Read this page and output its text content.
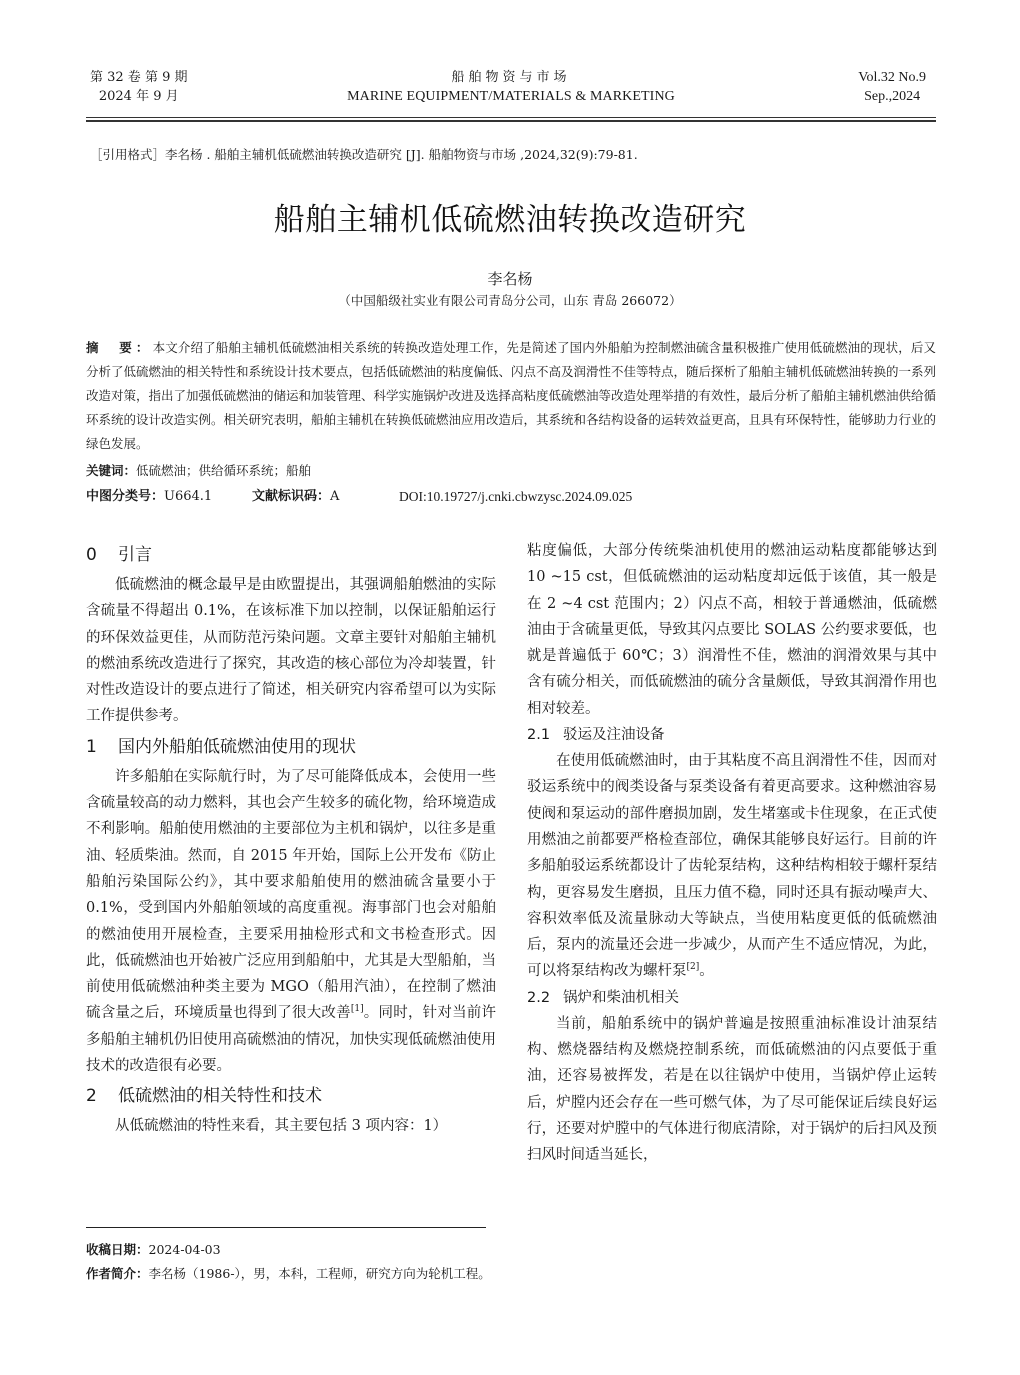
第 32 卷 第 9 期
2024 年 9 月
船舶物资与市场
MARINE EQUIPMENT/MATERIALS & MARKETING
Vol.32 No.9
Sep.,2024
［引用格式］李名杨 . 船舶主辅机低硫燃油转换改造研究 [J]. 船舶物资与市场 ,2024,32(9):79-81.
船舶主辅机低硫燃油转换改造研究
李名杨
（中国船级社实业有限公司青岛分公司，山东 青岛 266072）
摘　要：本文介绍了船舶主辅机低硫燃油相关系统的转换改造处理工作，先是简述了国内外船舶为控制燃油硫含量积极推广使用低硫燃油的现状，后又分析了低硫燃油的相关特性和系统设计技术要点，包括低硫燃油的粘度偏低、闪点不高及润滑性不佳等特点，随后探析了船舶主辅机低硫燃油转换的一系列改造对策，指出了加强低硫燃油的储运和加装管理、科学实施锅炉改进及选择高粘度低硫燃油等改造处理举措的有效性，最后分析了船舶主辅机燃油供给循环系统的设计改造实例。相关研究表明，船舶主辅机在转换低硫燃油应用改造后，其系统和各结构设备的运转效益更高，且具有环保特性，能够助力行业的绿色发展。
关键词：低硫燃油；供给循环系统；船舶
中图分类号：U664.1	文献标识码：A	DOI:10.19727/j.cnki.cbwzysc.2024.09.025
0 引言

低硫燃油的概念最早是由欧盟提出，其强调船舶燃油的实际含硫量不得超出 0.1%，在该标准下加以控制，以保证船舶运行的环保效益更佳，从而防范污染问题。文章主要针对船舶主辅机的燃油系统改造进行了探究，其改造的核心部位为冷却装置，针对性改造设计的要点进行了简述，相关研究内容希望可以为实际工作提供参考。

1 国内外船舶低硫燃油使用的现状

许多船舶在实际航行时，为了尽可能降低成本，会使用一些含硫量较高的动力燃料，其也会产生较多的硫化物，给环境造成不利影响。船舶使用燃油的主要部位为主机和锅炉，以往多是重油、轻质柴油。然而，自 2015 年开始，国际上公开发布《防止船舶污染国际公约》，其中要求船舶使用的燃油硫含量要小于 0.1%，受到国内外船舶领域的高度重视。海事部门也会对船舶的燃油使用开展检查，主要采用抽检形式和文书检查形式。因此，低硫燃油也开始被广泛应用到船舶中，尤其是大型船舶，当前使用低硫燃油种类主要为 MGO（船用汽油），在控制了燃油硫含量之后，环境质量也得到了很大改善[1]。同时，针对当前许多船舶主辅机仍旧使用高硫燃油的情况，加快实现低硫燃油使用技术的改造很有必要。

2 低硫燃油的相关特性和技术

从低硫燃油的特性来看，其主要包括 3 项内容：1）

粘度偏低，大部分传统柴油机使用的燃油运动粘度都能够达到 10 ~15 cst，但低硫燃油的运动粘度却远低于该值，其一般是在 2 ~4 cst 范围内；2）闪点不高，相较于普通燃油，低硫燃油由于含硫量更低，导致其闪点要比 SOLAS 公约要求要低，也就是普遍低于 60℃；3）润滑性不佳，燃油的润滑效果与其中含有硫分相关，而低硫燃油的硫分含量颇低，导致其润滑作用也相对较差。

2.1 驳运及注油设备

在使用低硫燃油时，由于其粘度不高且润滑性不佳，因而对驳运系统中的阀类设备与泵类设备有着更高要求。这种燃油容易使阀和泵运动的部件磨损加剧，发生堵塞或卡住现象，在正式使用燃油之前都要严格检查部位，确保其能够良好运行。目前的许多船舶驳运系统都设计了齿轮泵结构，这种结构相较于螺杆泵结构，更容易发生磨损，且压力值不稳，同时还具有振动噪声大、容积效率低及流量脉动大等缺点，当使用粘度更低的低硫燃油后，泵内的流量还会进一步减少，从而产生不适应情况，为此，可以将泵结构改为螺杆泵[2]。

2.2 锅炉和柴油机相关

当前，船舶系统中的锅炉普遍是按照重油标准设计油泵结构、燃烧器结构及燃烧控制系统，而低硫燃油的闪点要低于重油，还容易被挥发，若是在以往锅炉中使用，当锅炉停止运转后，炉膛内还会存在一些可燃气体，为了尽可能保证后续良好运行，还要对炉膛中的气体进行彻底清除，对于锅炉的后扫风及预扫风时间适当延长，

收稿日期：2024-04-03
作者简介：李名杨（1986-），男，本科，工程师，研究方向为轮机工程。
